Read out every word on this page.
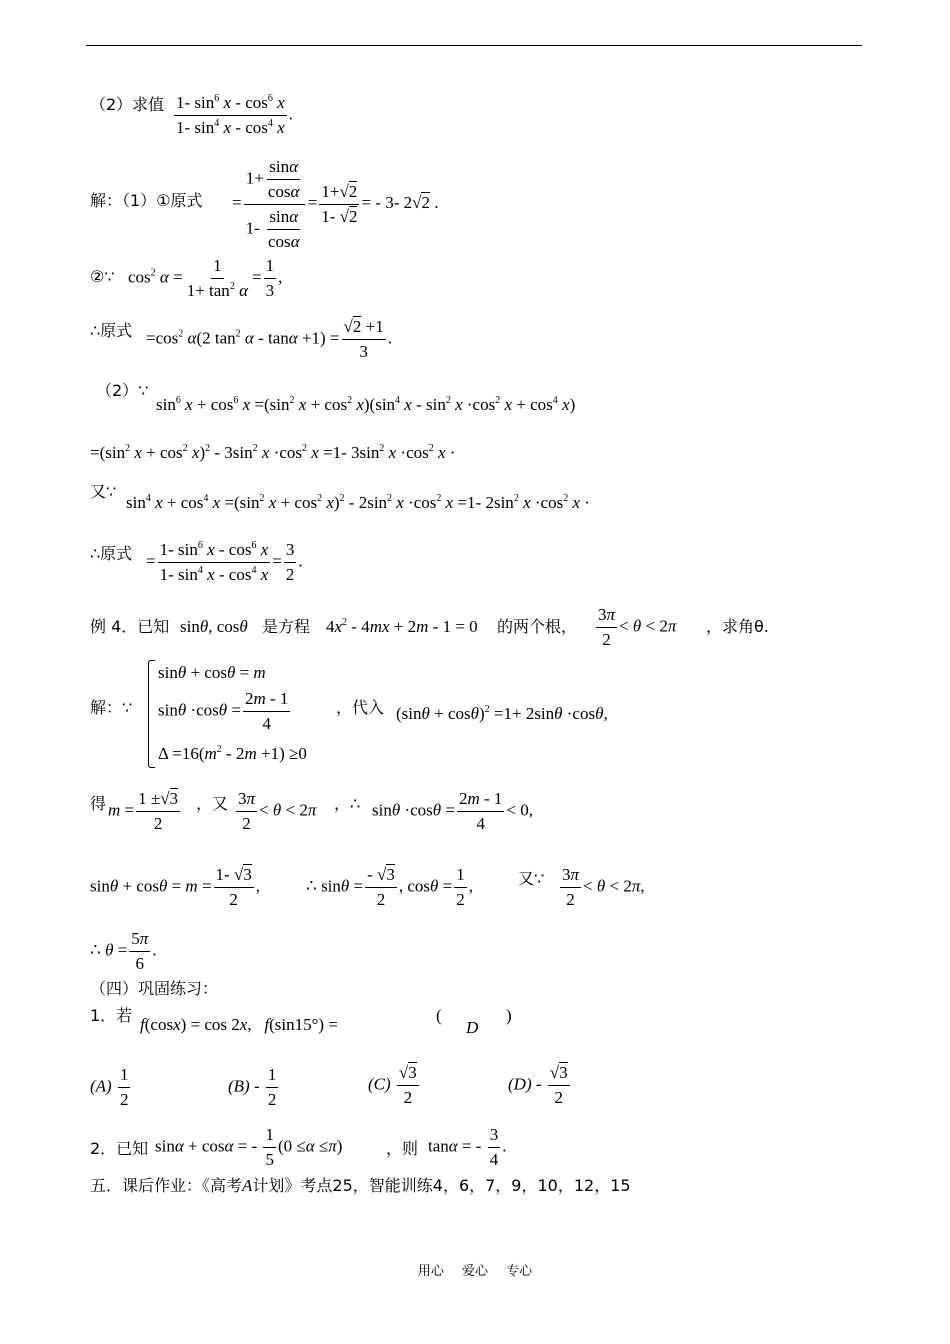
（2）求值 $\frac{1- \sin^6 x - \cos^6 x}{1- \sin^4 x - \cos^4 x}$ .
解：（1）①原式 = $\frac{1+ \frac{\sin\alpha}{\cos\alpha}}{1- \frac{\sin\alpha}{\cos\alpha}} = \frac{1+√2}{1- √2}$ = - 3- 2√2 .
②∵ $\cos^2 \alpha = \frac{1}{1+ \tan^2 \alpha} = \frac{1}{3}$ ,
∴原式 $=\cos^2$ α(2 $\tan^2 \alpha - \tan\alpha +1) = \frac{√2 +1}{3}$ .
（2）∵
$\sin^6 x + \cos^6 x =(\sin^2$ $x + \cos^2 x)(\sin^4$ $x - \sin^2 x \cdot\cos^2$ $x + \cos^4 x$)
$=(\sin^2$ $x + \cos^2 x)^2 - 3\sin^2$ $x \cdot\cos^2$ x =1- $3\sin^2$ $x \cdot\cos^2$ x ·
又∵
$\sin^4 x + \cos^4 x =(\sin^2$ $x + \cos^2 x)^2 - 2\sin^2$ $x \cdot\cos^2$ x =1- $2\sin^2$ $x \cdot\cos^2$ x ·
∴原式 = $\frac{1- \sin^6 x - \cos^6 x}{1- \sin^4 x - \cos^4 x} = \frac{3}{2}$ .
例 4．已知 sinθ, cosθ 是方程 $4x^2 - 4mx + 2m - 1 = 0$ 的两个根， $\frac{3\pi}{2} < \theta < 2\pi$ ，求角θ.
解：∵
sinθ + cosθ = m
$\sin\theta \cdot\cos\theta = \frac{2m - 1}{4}$
$\Delta =16(m^2 - 2m +1) \ge 0$
，代入 $(\sin\theta + \cos\theta)^2 =1+ 2\sin\theta \cdot\cos\theta$,
得 $m = \frac{1 \pm√3}{2}$ ，又 $\frac{3\pi}{2} < \theta < 2\pi$ ，∴ $\sin\theta \cdot\cos\theta = \frac{2m - 1}{4} < 0$,
$\sin\theta + \cos\theta = m = \frac{1- √3}{2}$ ,	∴ $\sin\theta = \frac{- √3}{2}$ , $\cos\theta = \frac{1}{2}$ ,	又∵ $\frac{3\pi}{2} < \theta < 2\pi$,
∴ $\theta = \frac{5\pi}{6}$ .
（四）巩固练习：
1．若 f(cosx) = cos 2x,   f(sin15°) =	(
D
)
$(A) \frac{1}{2}$	$(B) - \frac{1}{2}$	$(C) \frac{√3}{2}$	$(D) - \frac{√3}{2}$
2．已知 sinα + cosα = - $\frac{1}{5} (0 \le\alpha \le\pi)$	，则 tanα = - $\frac{3}{4}$ .
五．课后作业：《高考A计划》考点25，智能训练4，6，7，9，10，12，15
用心 爱心 专心
